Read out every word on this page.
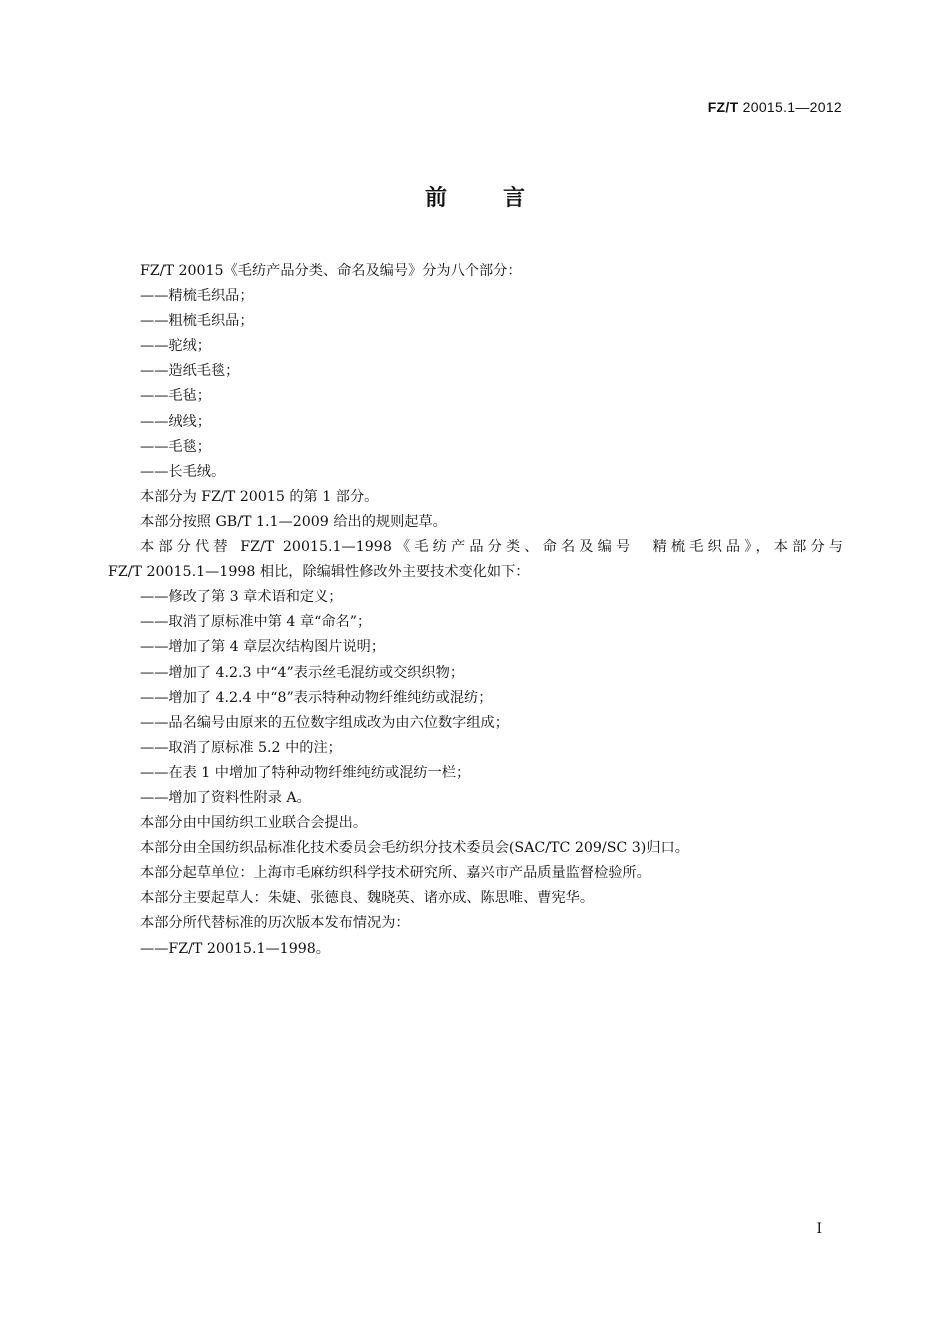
FZ/T 20015.1—2012
前	言
FZ/T 20015《毛纺产品分类、命名及编号》分为八个部分：
——精梳毛织品；
——粗梳毛织品；
——驼绒；
——造纸毛毯；
——毛毡；
——绒线；
——毛毯；
——长毛绒。
本部分为 FZ/T 20015 的第 1 部分。
本部分按照 GB/T 1.1—2009 给出的规则起草。
本部分代替 FZ/T 20015.1—1998《毛纺产品分类、命名及编号　精梳毛织品》，本部分与
FZ/T 20015.1—1998 相比，除编辑性修改外主要技术变化如下：
——修改了第 3 章术语和定义；
——取消了原标准中第 4 章“命名”；
——增加了第 4 章层次结构图片说明；
——增加了 4.2.3 中“4”表示丝毛混纺或交织织物；
——增加了 4.2.4 中“8”表示特种动物纤维纯纺或混纺；
——品名编号由原来的五位数字组成改为由六位数字组成；
——取消了原标准 5.2 中的注；
——在表 1 中增加了特种动物纤维纯纺或混纺一栏；
——增加了资料性附录 A。
本部分由中国纺织工业联合会提出。
本部分由全国纺织品标准化技术委员会毛纺织分技术委员会(SAC/TC 209/SC 3)归口。
本部分起草单位：上海市毛麻纺织科学技术研究所、嘉兴市产品质量监督检验所。
本部分主要起草人：朱婕、张德良、魏晓英、诸亦成、陈思唯、曹宪华。
本部分所代替标准的历次版本发布情况为：
——FZ/T 20015.1—1998。
I
